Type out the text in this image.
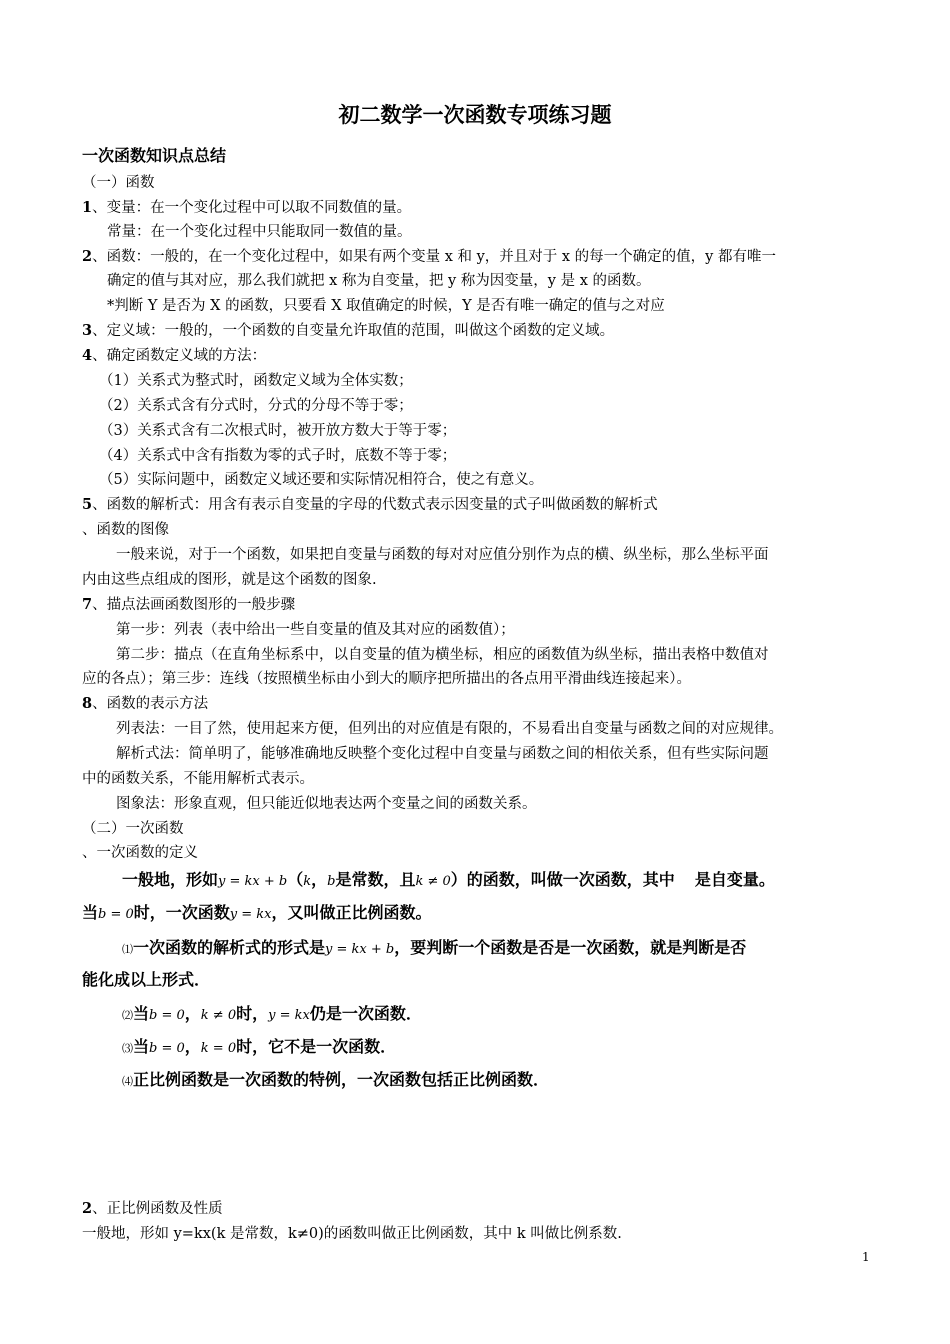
初二数学一次函数专项练习题
一次函数知识点总结
（一）函数
1、变量：在一个变化过程中可以取不同数值的量。
常量：在一个变化过程中只能取同一数值的量。
2、函数：一般的，在一个变化过程中，如果有两个变量 x 和 y，并且对于 x 的每一个确定的值，y 都有唯一
确定的值与其对应，那么我们就把 x 称为自变量，把 y 称为因变量，y 是 x 的函数。
*判断 Y 是否为 X 的函数，只要看 X 取值确定的时候，Y 是否有唯一确定的值与之对应
3、定义域：一般的，一个函数的自变量允许取值的范围，叫做这个函数的定义域。
4、确定函数定义域的方法：
（1）关系式为整式时，函数定义域为全体实数；
（2）关系式含有分式时，分式的分母不等于零；
（3）关系式含有二次根式时，被开放方数大于等于零；
（4）关系式中含有指数为零的式子时，底数不等于零；
（5）实际问题中，函数定义域还要和实际情况相符合，使之有意义。
5、函数的解析式：用含有表示自变量的字母的代数式表示因变量的式子叫做函数的解析式
、函数的图像
一般来说，对于一个函数，如果把自变量与函数的每对对应值分别作为点的横、纵坐标，那么坐标平面
内由这些点组成的图形，就是这个函数的图象.
7、描点法画函数图形的一般步骤
第一步：列表（表中给出一些自变量的值及其对应的函数值）；
第二步：描点（在直角坐标系中，以自变量的值为横坐标，相应的函数值为纵坐标，描出表格中数值对
应的各点）；第三步：连线（按照横坐标由小到大的顺序把所描出的各点用平滑曲线连接起来）。
8、函数的表示方法
列表法：一目了然，使用起来方便，但列出的对应值是有限的，不易看出自变量与函数之间的对应规律。
解析式法：简单明了，能够准确地反映整个变化过程中自变量与函数之间的相依关系，但有些实际问题
中的函数关系，不能用解析式表示。
图象法：形象直观，但只能近似地表达两个变量之间的函数关系。
（二）一次函数
、一次函数的定义
一般地，形如y = kx + b（k，b是常数，且k ≠ 0）的函数，叫做一次函数，其中 是自变量。
当b = 0时，一次函数y = kx，又叫做正比例函数。
⑴一次函数的解析式的形式是y = kx + b，要判断一个函数是否是一次函数，就是判断是否
能化成以上形式．
⑵当b = 0，k ≠ 0时，y = kx仍是一次函数．
⑶当b = 0，k = 0时，它不是一次函数．
⑷正比例函数是一次函数的特例，一次函数包括正比例函数．
2、正比例函数及性质
一般地，形如 y=kx(k 是常数，k≠0)的函数叫做正比例函数，其中 k 叫做比例系数.
1
